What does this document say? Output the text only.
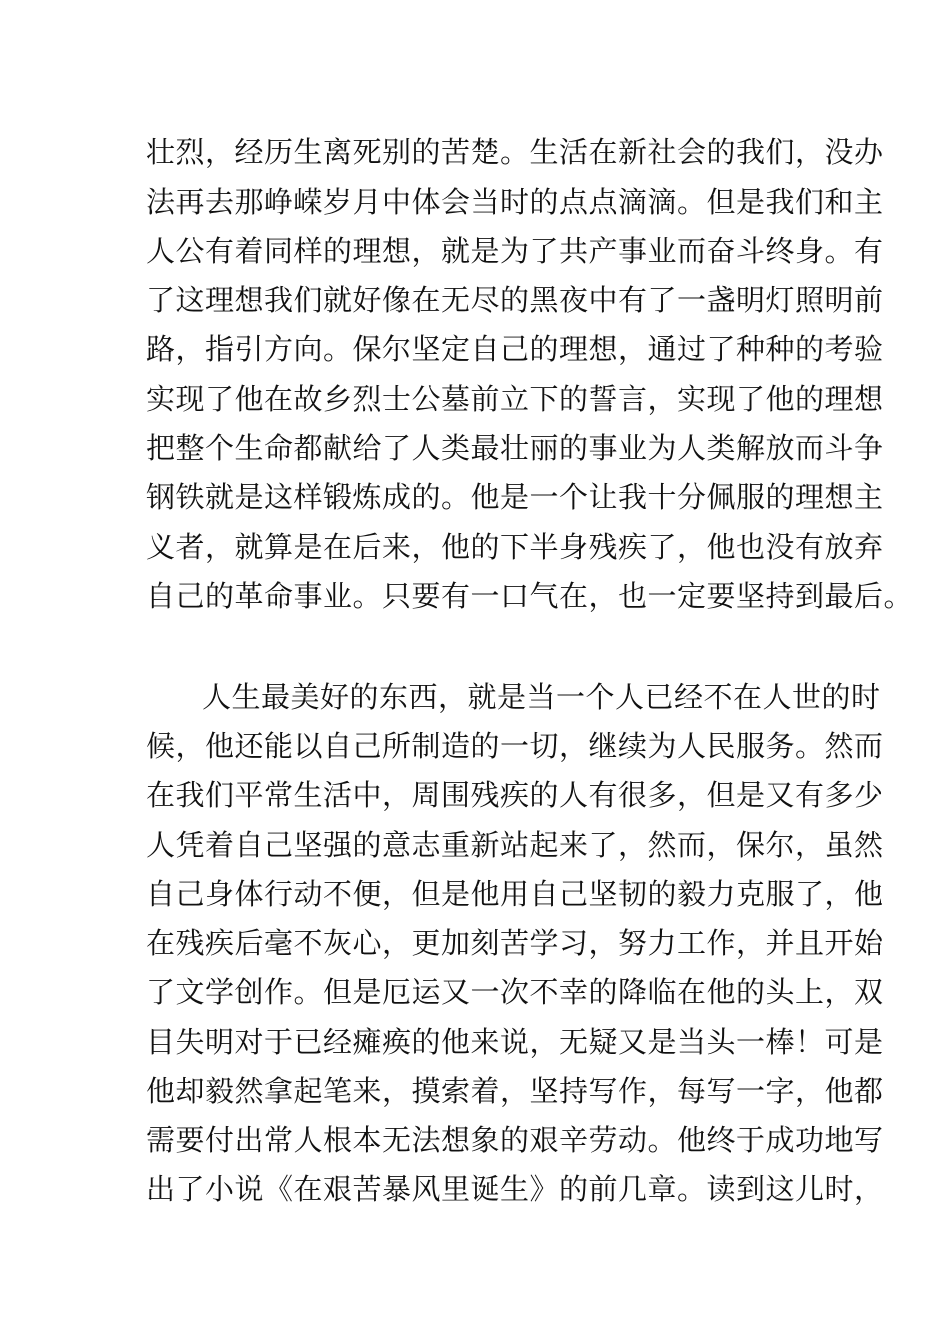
壮烈，经历生离死别的苦楚。生活在新社会的我们，没办

法再去那峥嵘岁月中体会当时的点点滴滴。但是我们和主

人公有着同样的理想，就是为了共产事业而奋斗终身。有

了这理想我们就好像在无尽的黑夜中有了一盏明灯照明前

路，指引方向。保尔坚定自己的理想，通过了种种的考验

实现了他在故乡烈士公墓前立下的誓言，实现了他的理想

把整个生命都献给了人类最壮丽的事业为人类解放而斗争

钢铁就是这样锻炼成的。他是一个让我十分佩服的理想主

义者，就算是在后来，他的下半身残疾了，他也没有放弃

自己的革命事业。只要有一口气在，也一定要坚持到最后。

人生最美好的东西，就是当一个人已经不在人世的时

候，他还能以自己所制造的一切，继续为人民服务。然而

在我们平常生活中，周围残疾的人有很多，但是又有多少

人凭着自己坚强的意志重新站起来了，然而，保尔，虽然

自己身体行动不便，但是他用自己坚韧的毅力克服了，他

在残疾后毫不灰心，更加刻苦学习，努力工作，并且开始

了文学创作。但是厄运又一次不幸的降临在他的头上，双

目失明对于已经瘫痪的他来说，无疑又是当头一棒！可是

他却毅然拿起笔来，摸索着，坚持写作，每写一字，他都

需要付出常人根本无法想象的艰辛劳动。他终于成功地写

出了小说《在艰苦暴风里诞生》的前几章。读到这儿时，
